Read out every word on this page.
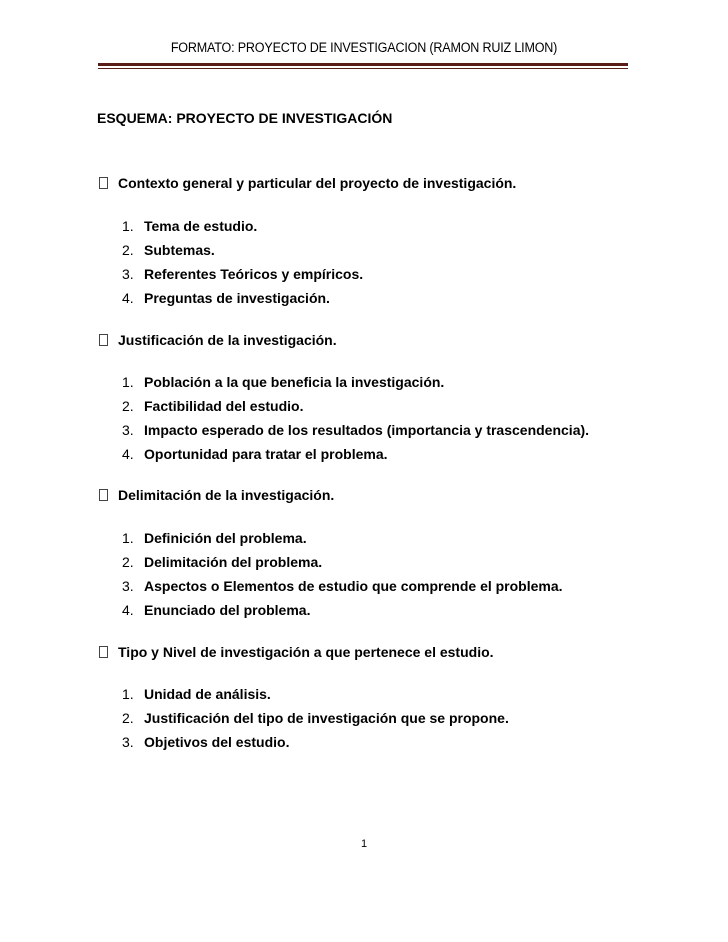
FORMATO: PROYECTO DE INVESTIGACION (RAMON RUIZ LIMON)
ESQUEMA: PROYECTO DE INVESTIGACIÓN
Contexto general y particular del proyecto de investigación.
1. Tema de estudio.
2. Subtemas.
3. Referentes Teóricos y empíricos.
4. Preguntas de investigación.
Justificación de la investigación.
1. Población a la que beneficia la investigación.
2. Factibilidad del estudio.
3. Impacto esperado de los resultados (importancia y trascendencia).
4. Oportunidad para tratar el problema.
Delimitación de la investigación.
1. Definición del problema.
2. Delimitación del problema.
3. Aspectos o Elementos de estudio que comprende el problema.
4. Enunciado del problema.
Tipo y Nivel de investigación a que pertenece el estudio.
1. Unidad de análisis.
2. Justificación del tipo de investigación que se propone.
3. Objetivos del estudio.
1
